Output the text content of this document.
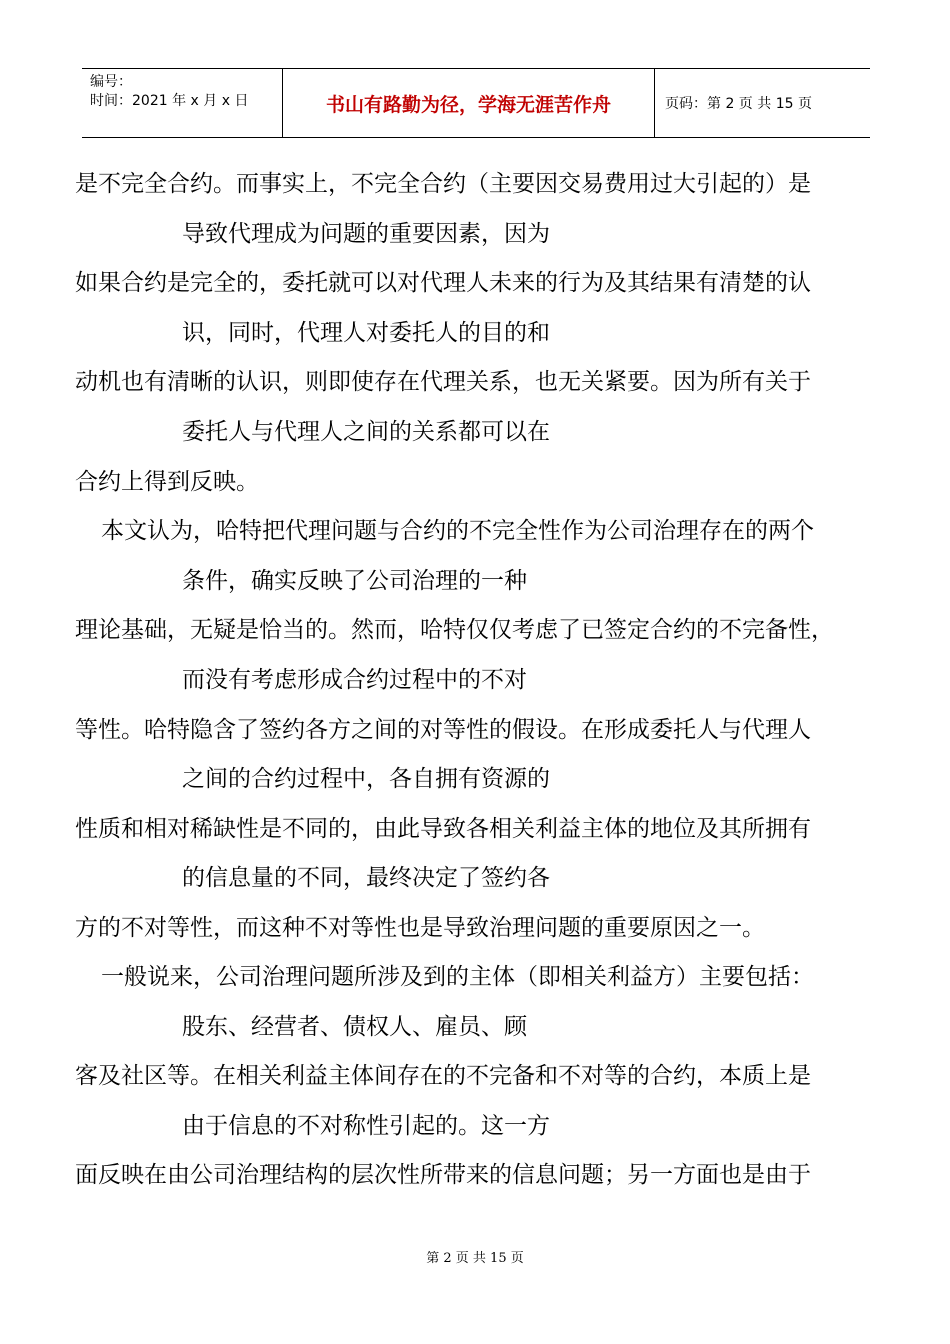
编号：
时间：2021 年 x 月 x 日	书山有路勤为径，学海无涯苦作舟	页码：第 2 页 共 15 页
是不完全合约。而事实上，不完全合约（主要因交易费用过大引起的）是
导致代理成为问题的重要因素，因为
如果合约是完全的，委托就可以对代理人未来的行为及其结果有清楚的认
识，同时，代理人对委托人的目的和
动机也有清晰的认识，则即使存在代理关系，也无关紧要。因为所有关于
委托人与代理人之间的关系都可以在
合约上得到反映。
本文认为，哈特把代理问题与合约的不完全性作为公司治理存在的两个
条件，确实反映了公司治理的一种
理论基础，无疑是恰当的。然而，哈特仅仅考虑了已签定合约的不完备性，
而没有考虑形成合约过程中的不对
等性。哈特隐含了签约各方之间的对等性的假设。在形成委托人与代理人
之间的合约过程中，各自拥有资源的
性质和相对稀缺性是不同的，由此导致各相关利益主体的地位及其所拥有
的信息量的不同，最终决定了签约各
方的不对等性，而这种不对等性也是导致治理问题的重要原因之一。
一般说来，公司治理问题所涉及到的主体（即相关利益方）主要包括：
股东、经营者、债权人、雇员、顾
客及社区等。在相关利益主体间存在的不完备和不对等的合约，本质上是
由于信息的不对称性引起的。这一方
面反映在由公司治理结构的层次性所带来的信息问题；另一方面也是由于
第 2 页 共 15 页
